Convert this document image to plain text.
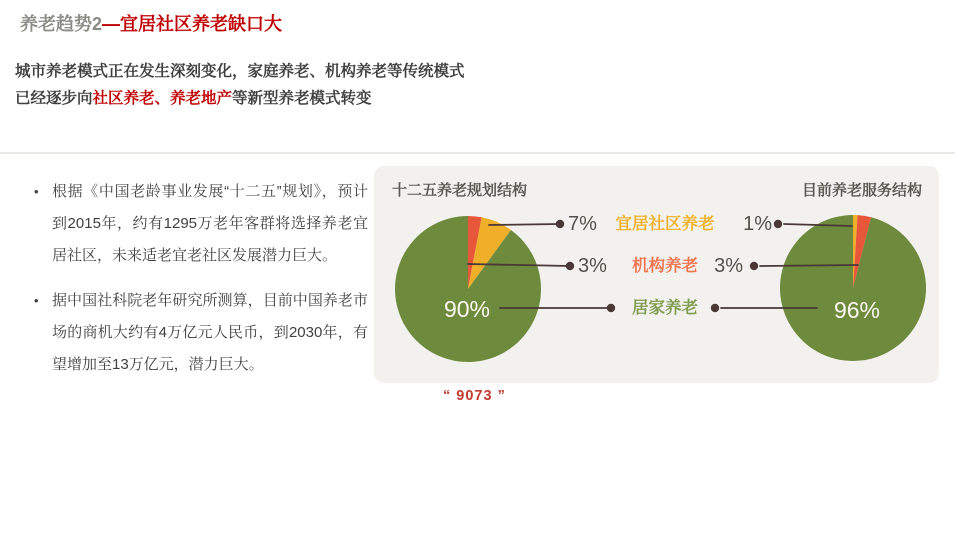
养老趋势2—宜居社区养老缺口大
城市养老模式正在发生深刻变化，家庭养老、机构养老等传统模式
已经逐步向社区养老、养老地产等新型养老模式转变
• 根据《中国老龄事业发展“十二五”规划》，预计到2015年，约有1295万老年客群将选择养老宜居社区，未来适老宜老社区发展潜力巨大。
• 据中国社科院老年研究所测算，目前中国养老市场的商机大约有4万亿元人民币，到2030年，有望增加至13万亿元，潜力巨大。
十二五养老规划结构	目前养老服务结构
7%
3%
90%
1%
3%
96%
宜居社区养老
机构养老
居家养老
“ 9073 ”
